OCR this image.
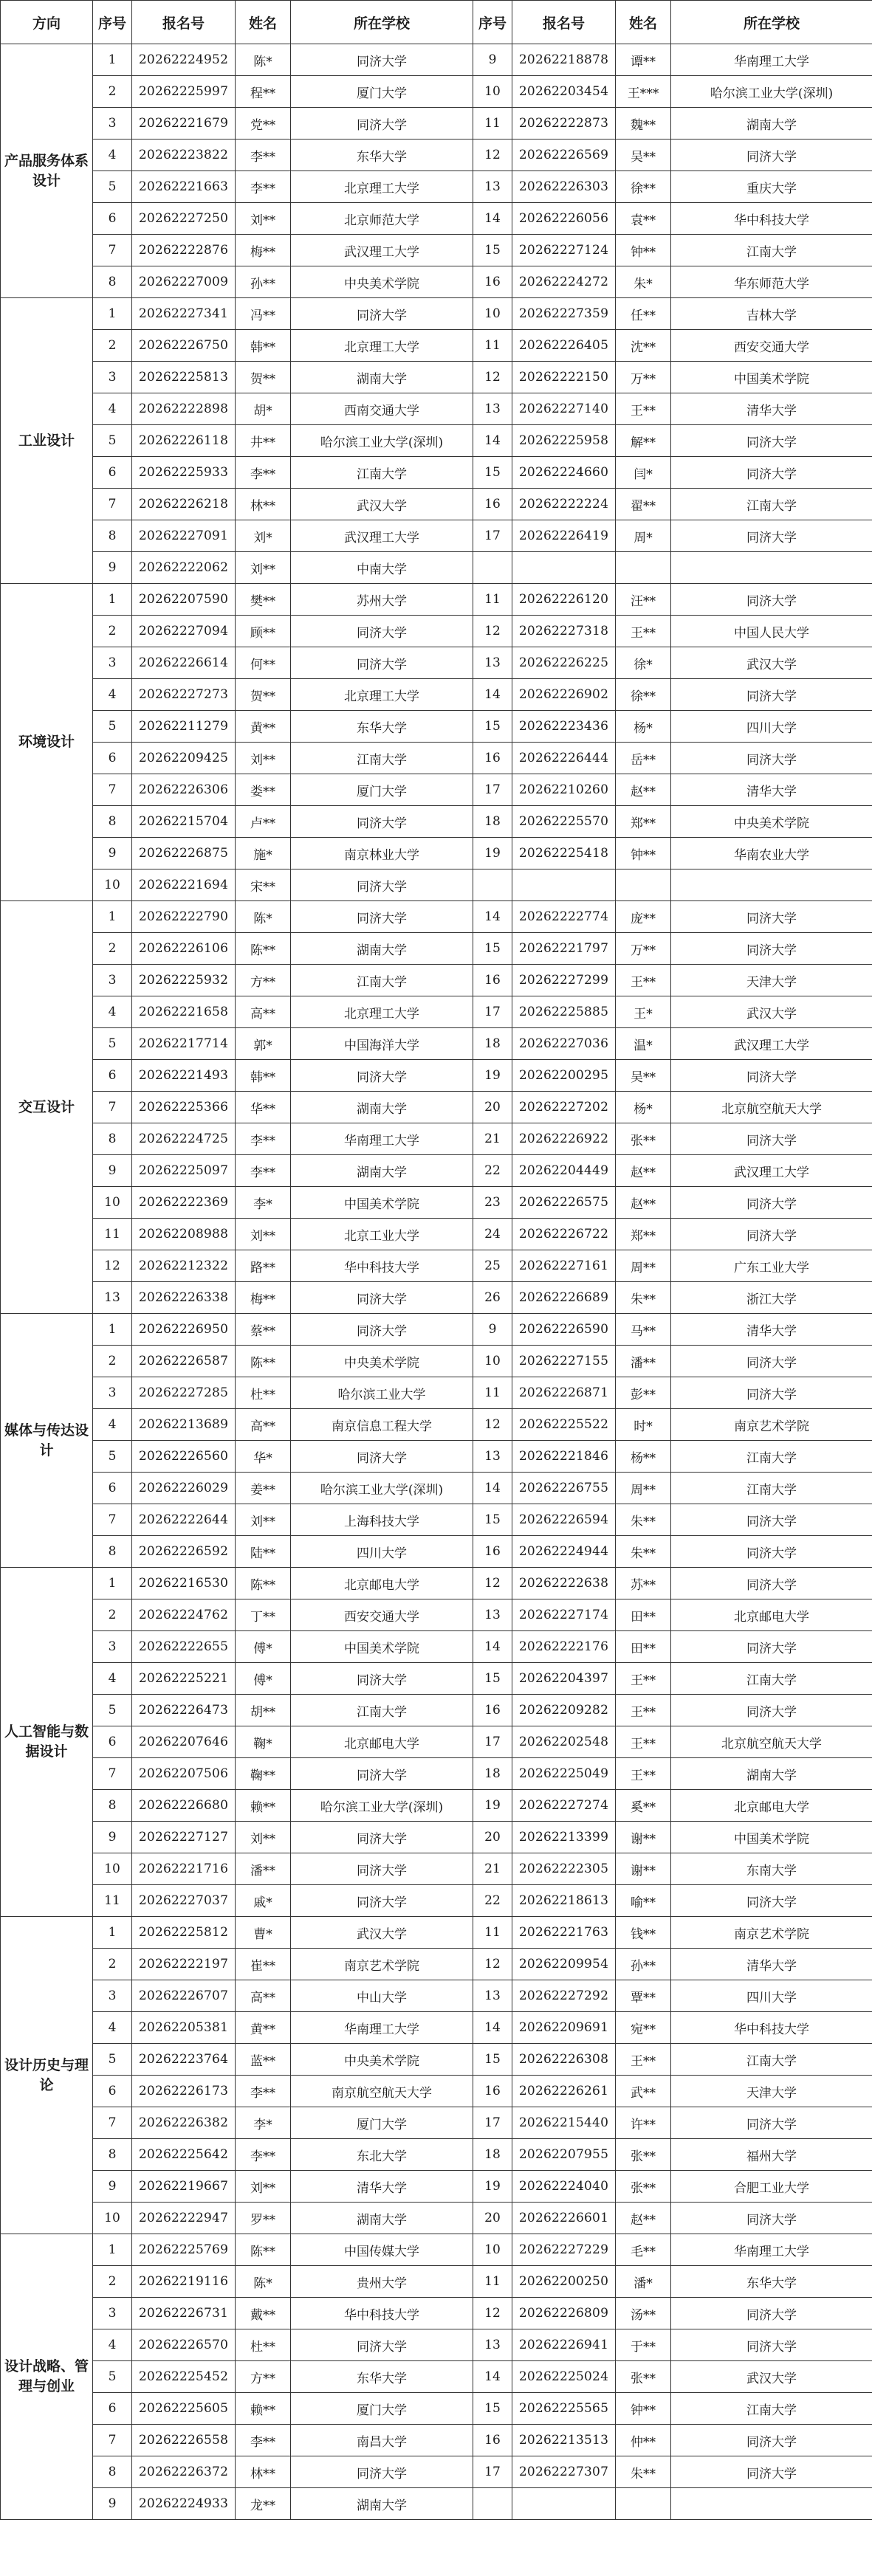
方向	序号	报名号	姓名	所在学校	序号	报名号	姓名	所在学校
产品服务体系设计	1	20262224952	陈*	同济大学	9	20262218878	谭**	华南理工大学
	2	20262225997	程**	厦门大学	10	20262203454	王***	哈尔滨工业大学(深圳)
	3	20262221679	党**	同济大学	11	20262222873	魏**	湖南大学
	4	20262223822	李**	东华大学	12	20262226569	吴**	同济大学
	5	20262221663	李**	北京理工大学	13	20262226303	徐**	重庆大学
	6	20262227250	刘**	北京师范大学	14	20262226056	袁**	华中科技大学
	7	20262222876	梅**	武汉理工大学	15	20262227124	钟**	江南大学
	8	20262227009	孙**	中央美术学院	16	20262224272	朱*	华东师范大学
工业设计	1	20262227341	冯**	同济大学	10	20262227359	任**	吉林大学
	2	20262226750	韩**	北京理工大学	11	20262226405	沈**	西安交通大学
	3	20262225813	贺**	湖南大学	12	20262222150	万**	中国美术学院
	4	20262222898	胡*	西南交通大学	13	20262227140	王**	清华大学
	5	20262226118	井**	哈尔滨工业大学(深圳)	14	20262225958	解**	同济大学
	6	20262225933	李**	江南大学	15	20262224660	闫*	同济大学
	7	20262226218	林**	武汉大学	16	20262222224	翟**	江南大学
	8	20262227091	刘*	武汉理工大学	17	20262226419	周*	同济大学
	9	20262222062	刘**	中南大学				
环境设计	1	20262207590	樊**	苏州大学	11	20262226120	汪**	同济大学
	2	20262227094	顾**	同济大学	12	20262227318	王**	中国人民大学
	3	20262226614	何**	同济大学	13	20262226225	徐*	武汉大学
	4	20262227273	贺**	北京理工大学	14	20262226902	徐**	同济大学
	5	20262211279	黄**	东华大学	15	20262223436	杨*	四川大学
	6	20262209425	刘**	江南大学	16	20262226444	岳**	同济大学
	7	20262226306	娄**	厦门大学	17	20262210260	赵**	清华大学
	8	20262215704	卢**	同济大学	18	20262225570	郑**	中央美术学院
	9	20262226875	施*	南京林业大学	19	20262225418	钟**	华南农业大学
	10	20262221694	宋**	同济大学				
交互设计	1	20262222790	陈*	同济大学	14	20262222774	庞**	同济大学
	2	20262226106	陈**	湖南大学	15	20262221797	万**	同济大学
	3	20262225932	方**	江南大学	16	20262227299	王**	天津大学
	4	20262221658	高**	北京理工大学	17	20262225885	王*	武汉大学
	5	20262217714	郭*	中国海洋大学	18	20262227036	温*	武汉理工大学
	6	20262221493	韩**	同济大学	19	20262200295	吴**	同济大学
	7	20262225366	华**	湖南大学	20	20262227202	杨*	北京航空航天大学
	8	20262224725	李**	华南理工大学	21	20262226922	张**	同济大学
	9	20262225097	李**	湖南大学	22	20262204449	赵**	武汉理工大学
	10	20262222369	李*	中国美术学院	23	20262226575	赵**	同济大学
	11	20262208988	刘**	北京工业大学	24	20262226722	郑**	同济大学
	12	20262212322	路**	华中科技大学	25	20262227161	周**	广东工业大学
	13	20262226338	梅**	同济大学	26	20262226689	朱**	浙江大学
媒体与传达设计	1	20262226950	蔡**	同济大学	9	20262226590	马**	清华大学
	2	20262226587	陈**	中央美术学院	10	20262227155	潘**	同济大学
	3	20262227285	杜**	哈尔滨工业大学	11	20262226871	彭**	同济大学
	4	20262213689	高**	南京信息工程大学	12	20262225522	时*	南京艺术学院
	5	20262226560	华*	同济大学	13	20262221846	杨**	江南大学
	6	20262226029	姜**	哈尔滨工业大学(深圳)	14	20262226755	周**	江南大学
	7	20262222644	刘**	上海科技大学	15	20262226594	朱**	同济大学
	8	20262226592	陆**	四川大学	16	20262224944	朱**	同济大学
人工智能与数据设计	1	20262216530	陈**	北京邮电大学	12	20262222638	苏**	同济大学
	2	20262224762	丁**	西安交通大学	13	20262227174	田**	北京邮电大学
	3	20262222655	傅*	中国美术学院	14	20262222176	田**	同济大学
	4	20262225221	傅*	同济大学	15	20262204397	王**	江南大学
	5	20262226473	胡**	江南大学	16	20262209282	王**	同济大学
	6	20262207646	鞠*	北京邮电大学	17	20262202548	王**	北京航空航天大学
	7	20262207506	鞠**	同济大学	18	20262225049	王**	湖南大学
	8	20262226680	赖**	哈尔滨工业大学(深圳)	19	20262227274	奚**	北京邮电大学
	9	20262227127	刘**	同济大学	20	20262213399	谢**	中国美术学院
	10	20262221716	潘**	同济大学	21	20262222305	谢**	东南大学
	11	20262227037	戚*	同济大学	22	20262218613	喻**	同济大学
设计历史与理论	1	20262225812	曹*	武汉大学	11	20262221763	钱**	南京艺术学院
	2	20262222197	崔**	南京艺术学院	12	20262209954	孙**	清华大学
	3	20262226707	高**	中山大学	13	20262227292	覃**	四川大学
	4	20262205381	黄**	华南理工大学	14	20262209691	宛**	华中科技大学
	5	20262223764	蓝**	中央美术学院	15	20262226308	王**	江南大学
	6	20262226173	李**	南京航空航天大学	16	20262226261	武**	天津大学
	7	20262226382	李*	厦门大学	17	20262215440	许**	同济大学
	8	20262225642	李**	东北大学	18	20262207955	张**	福州大学
	9	20262219667	刘**	清华大学	19	20262224040	张**	合肥工业大学
	10	20262222947	罗**	湖南大学	20	20262226601	赵**	同济大学
设计战略、管理与创业	1	20262225769	陈**	中国传媒大学	10	20262227229	毛**	华南理工大学
	2	20262219116	陈*	贵州大学	11	20262200250	潘*	东华大学
	3	20262226731	戴**	华中科技大学	12	20262226809	汤**	同济大学
	4	20262226570	杜**	同济大学	13	20262226941	于**	同济大学
	5	20262225452	方**	东华大学	14	20262225024	张**	武汉大学
	6	20262225605	赖**	厦门大学	15	20262225565	钟**	江南大学
	7	20262226558	李**	南昌大学	16	20262213513	仲**	同济大学
	8	20262226372	林**	同济大学	17	20262227307	朱**	同济大学
	9	20262224933	龙**	湖南大学				
